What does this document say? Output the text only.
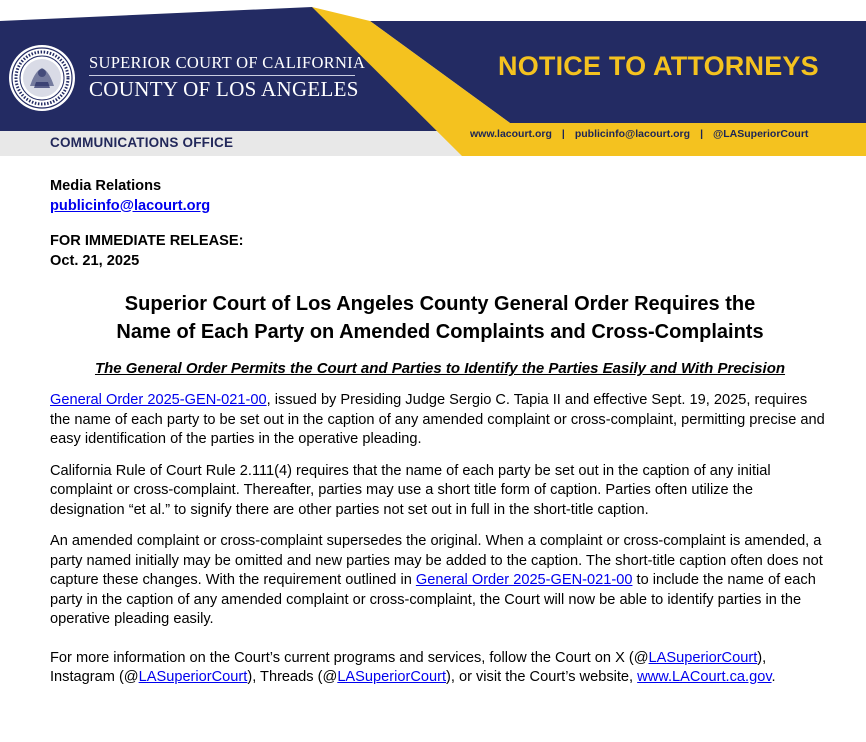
SUPERIOR COURT OF CALIFORNIA
COUNTY OF LOS ANGELES
NOTICE TO ATTORNEYS
www.lacourt.org | publicinfo@lacourt.org | @LASuperiorCourt
COMMUNICATIONS OFFICE
Media Relations
publicinfo@lacourt.org
FOR IMMEDIATE RELEASE:
Oct. 21, 2025
Superior Court of Los Angeles County General Order Requires the
Name of Each Party on Amended Complaints and Cross-Complaints
The General Order Permits the Court and Parties to Identify the Parties Easily and With Precision

General Order 2025-GEN-021-00, issued by Presiding Judge Sergio C. Tapia II and effective Sept. 19, 2025, requires the name of each party to be set out in the caption of any amended complaint or cross-complaint, permitting precise and easy identification of the parties in the operative pleading.

California Rule of Court Rule 2.111(4) requires that the name of each party be set out in the caption of any initial complaint or cross-complaint. Thereafter, parties may use a short title form of caption. Parties often utilize the designation “et al.” to signify there are other parties not set out in full in the short-title caption.

An amended complaint or cross-complaint supersedes the original. When a complaint or cross-complaint is amended, a party named initially may be omitted and new parties may be added to the caption. The short-title caption often does not capture these changes. With the requirement outlined in General Order 2025-GEN-021-00 to include the name of each party in the caption of any amended complaint or cross-complaint, the Court will now be able to identify parties in the operative pleading easily.

For more information on the Court’s current programs and services, follow the Court on X (@LASuperiorCourt), Instagram (@LASuperiorCourt), Threads (@LASuperiorCourt), or visit the Court’s website, www.LACourt.ca.gov.
